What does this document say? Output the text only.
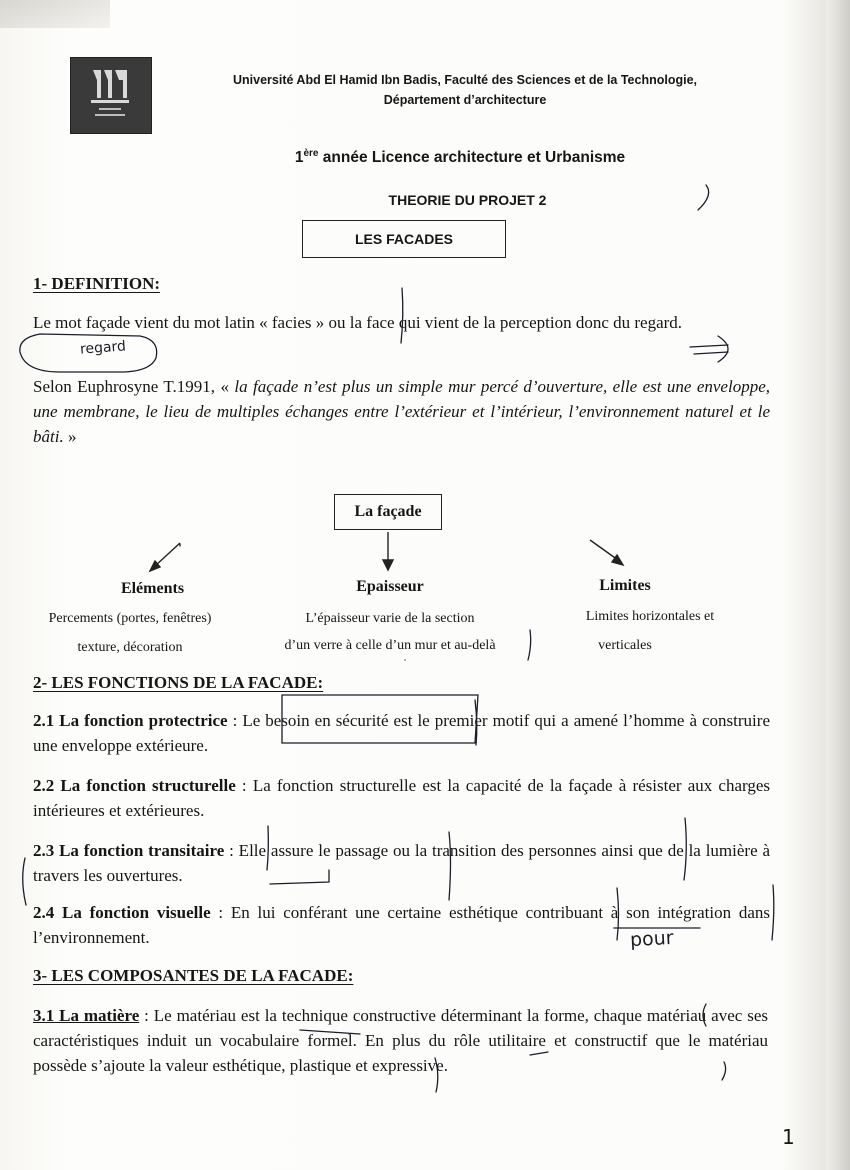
Université Abd El Hamid Ibn Badis, Faculté des Sciences et de la Technologie,
Département d’architecture
1ère année Licence architecture et Urbanisme
THEORIE DU PROJET 2
LES FACADES
1- DEFINITION:
Le mot façade vient du mot latin « facies » ou la face qui vient de la perception donc du regard.
Selon Euphrosyne T.1991, « la façade n’est plus un simple mur percé d’ouverture, elle est une enveloppe, une membrane, le lieu de multiples échanges entre l’extérieur et l’intérieur, l’environnement naturel et le bâti. »
La façade
Eléments
Percements (portes, fenêtres)
texture, décoration
Epaisseur
L’épaisseur varie de la section
d’un verre à celle d’un mur et au-delà
Limites
Limites horizontales et
verticales
2- LES FONCTIONS DE LA FACADE:
2.1 La fonction protectrice : Le besoin en sécurité est le premier motif qui a amené l’homme à construire une enveloppe extérieure.
2.2 La fonction structurelle : La fonction structurelle est la capacité de la façade à résister aux charges intérieures et extérieures.
2.3 La fonction transitaire : Elle assure le passage ou la transition des personnes ainsi que de la lumière à travers les ouvertures.
2.4 La fonction visuelle : En lui conférant une certaine esthétique contribuant à son intégration dans l’environnement.
3- LES COMPOSANTES DE LA FACADE:
3.1 La matière : Le matériau est la technique constructive déterminant la forme, chaque matériau avec ses caractéristiques induit un vocabulaire formel. En plus du rôle utilitaire et constructif que le matériau possède s’ajoute la valeur esthétique, plastique et expressive.
regard
pour
1
